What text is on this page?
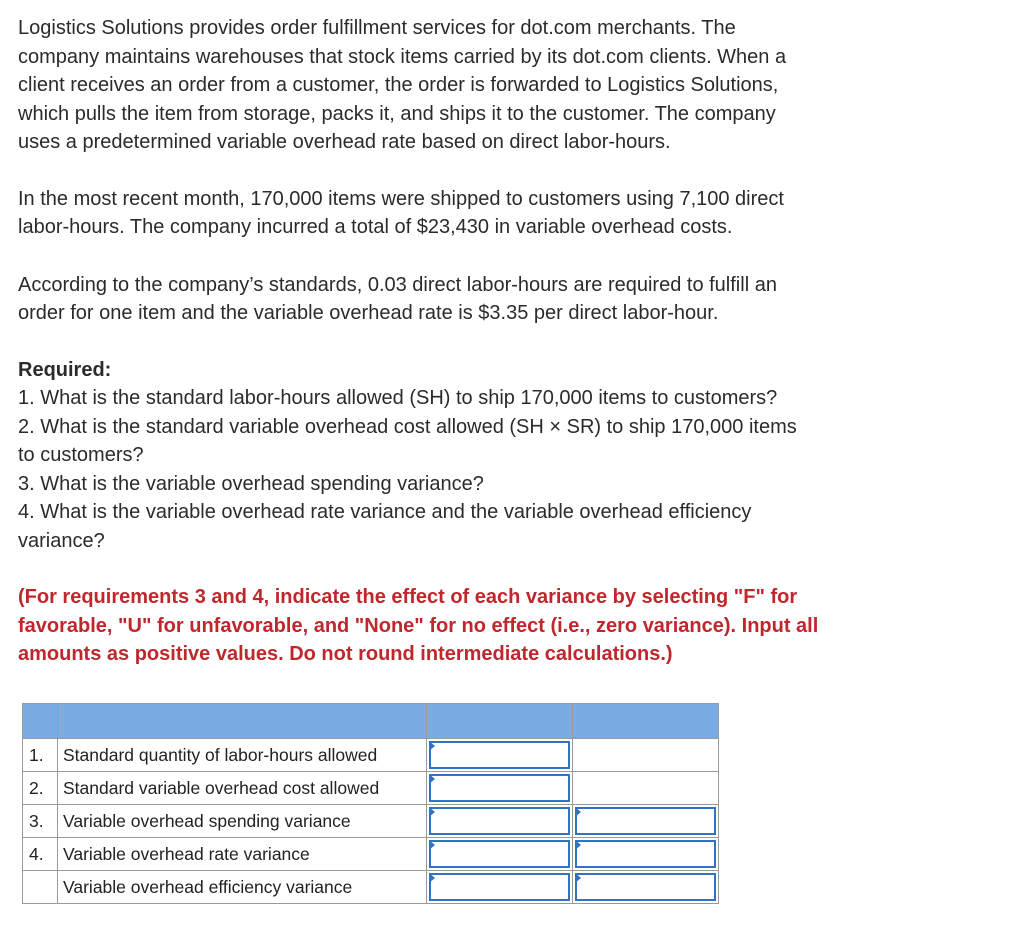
Logistics Solutions provides order fulfillment services for dot.com merchants. The
company maintains warehouses that stock items carried by its dot.com clients. When a
client receives an order from a customer, the order is forwarded to Logistics Solutions,
which pulls the item from storage, packs it, and ships it to the customer. The company
uses a predetermined variable overhead rate based on direct labor-hours.

In the most recent month, 170,000 items were shipped to customers using 7,100 direct
labor-hours. The company incurred a total of $23,430 in variable overhead costs.

According to the company’s standards, 0.03 direct labor-hours are required to fulfill an
order for one item and the variable overhead rate is $3.35 per direct labor-hour.

Required:
1. What is the standard labor-hours allowed (SH) to ship 170,000 items to customers?
2. What is the standard variable overhead cost allowed (SH × SR) to ship 170,000 items
to customers?
3. What is the variable overhead spending variance?
4. What is the variable overhead rate variance and the variable overhead efficiency
variance?
(For requirements 3 and 4, indicate the effect of each variance by selecting "F" for
favorable, "U" for unfavorable, and "None" for no effect (i.e., zero variance). Input all
amounts as positive values. Do not round intermediate calculations.)

1.	Standard quantity of labor-hours allowed	

2.	Standard variable overhead cost allowed	

3.	Variable overhead spending variance	

4.	Variable overhead rate variance	

	Variable overhead efficiency variance	
